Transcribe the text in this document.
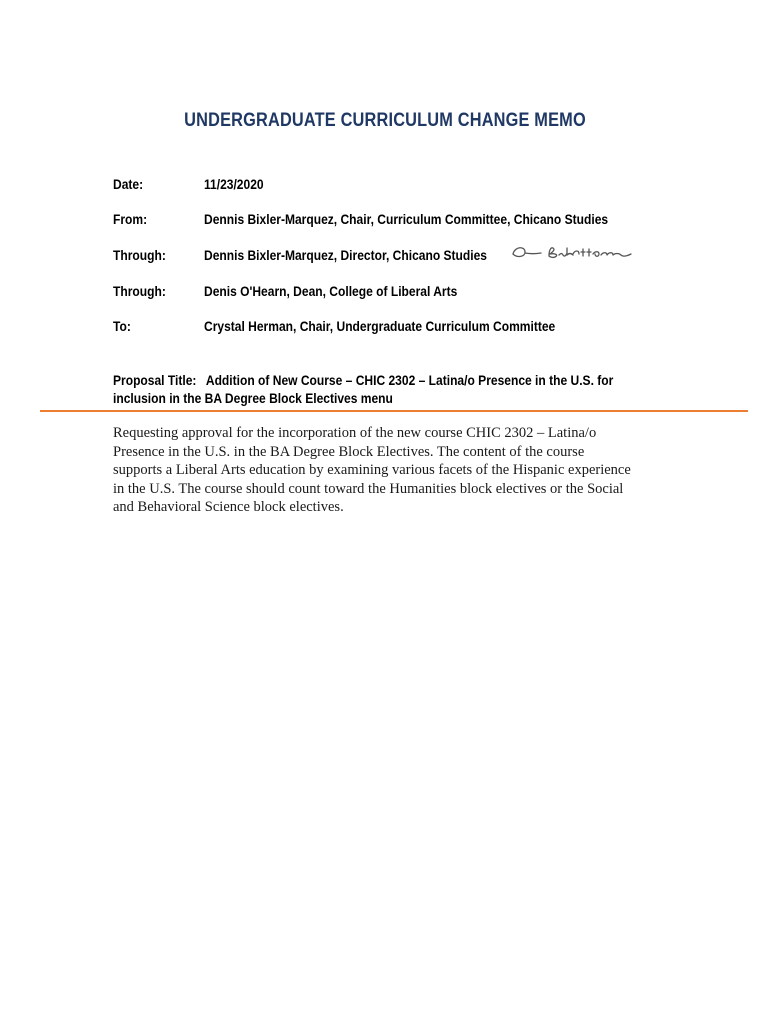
UNDERGRADUATE CURRICULUM CHANGE MEMO
Date:	11/23/2020
From:	Dennis Bixler-Marquez, Chair, Curriculum Committee, Chicano Studies
Through:	Dennis Bixler-Marquez, Director, Chicano Studies
Through:	Denis O'Hearn, Dean, College of Liberal Arts
To:	Crystal Herman, Chair, Undergraduate Curriculum Committee
Proposal Title: Addition of New Course – CHIC 2302 – Latina/o Presence in the U.S. for
inclusion in the BA Degree Block Electives menu
Requesting approval for the incorporation of the new course CHIC 2302 – Latina/o
Presence in the U.S. in the BA Degree Block Electives. The content of the course
supports a Liberal Arts education by examining various facets of the Hispanic experience
in the U.S. The course should count toward the Humanities block electives or the Social
and Behavioral Science block electives.
